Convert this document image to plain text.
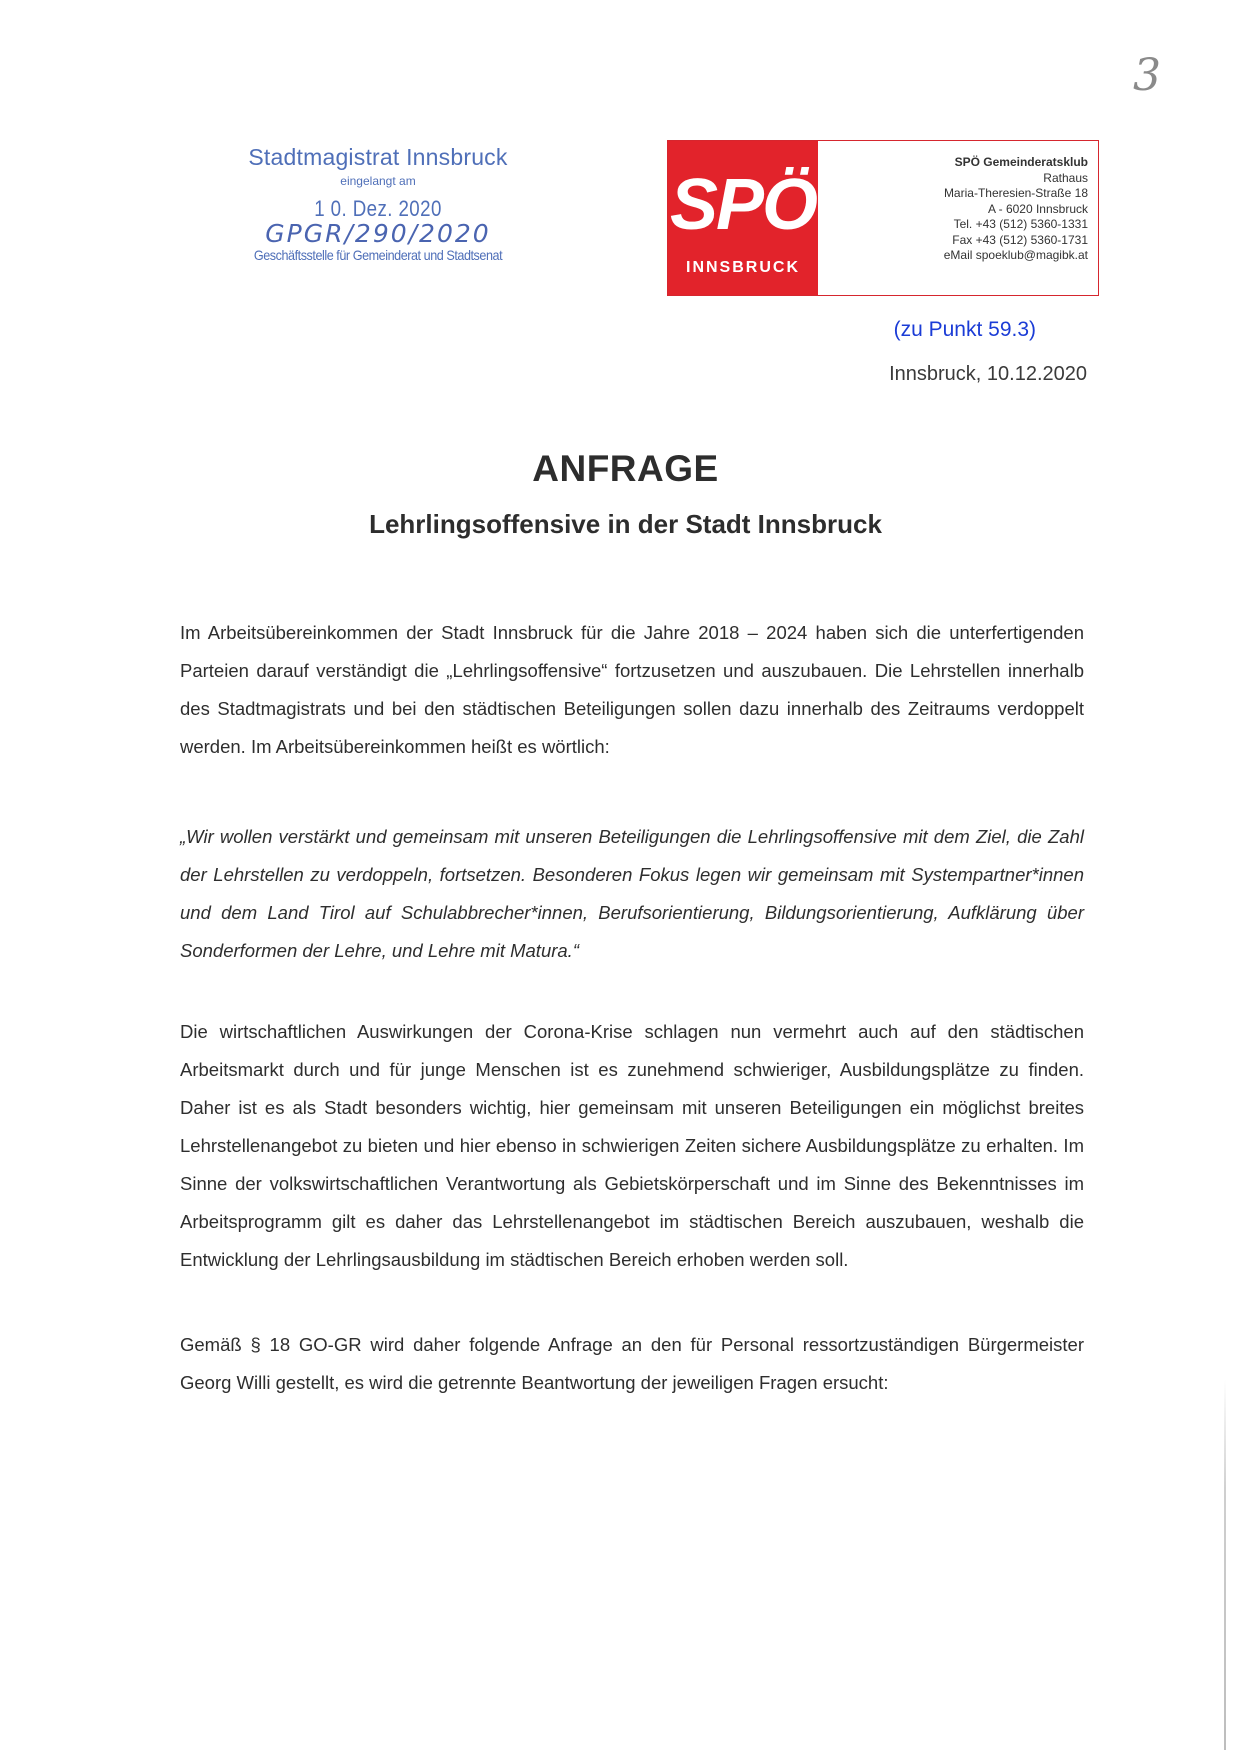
3
Stadtmagistrat Innsbruck
eingelangt am
1 0. Dez. 2020
GPGR/290/2020
Geschäftsstelle für Gemeinderat und Stadtsenat
SPÖ
INNSBRUCK
SPÖ Gemeinderatsklub
Rathaus
Maria-Theresien-Straße 18
A - 6020 Innsbruck
Tel. +43 (512) 5360-1331
Fax +43 (512) 5360-1731
eMail spoeklub@magibk.at
(zu Punkt 59.3)
Innsbruck, 10.12.2020
ANFRAGE
Lehrlingsoffensive in der Stadt Innsbruck

Im Arbeitsübereinkommen der Stadt Innsbruck für die Jahre 2018 – 2024 haben sich die unterfertigenden Parteien darauf verständigt die „Lehrlingsoffensive“ fortzusetzen und auszubauen. Die Lehrstellen innerhalb des Stadtmagistrats und bei den städtischen Beteiligungen sollen dazu innerhalb des Zeitraums verdoppelt werden. Im Arbeitsübereinkommen heißt es wörtlich:

„Wir wollen verstärkt und gemeinsam mit unseren Beteiligungen die Lehrlingsoffensive mit dem Ziel, die Zahl der Lehrstellen zu verdoppeln, fortsetzen. Besonderen Fokus legen wir gemeinsam mit Systempartner*innen und dem Land Tirol auf Schulabbrecher*innen, Berufsorientierung, Bildungsorientierung, Aufklärung über Sonderformen der Lehre, und Lehre mit Matura.“

Die wirtschaftlichen Auswirkungen der Corona-Krise schlagen nun vermehrt auch auf den städtischen Arbeitsmarkt durch und für junge Menschen ist es zunehmend schwieriger, Ausbildungsplätze zu finden. Daher ist es als Stadt besonders wichtig, hier gemeinsam mit unseren Beteiligungen ein möglichst breites Lehrstellenangebot zu bieten und hier ebenso in schwierigen Zeiten sichere Ausbildungsplätze zu erhalten. Im Sinne der volkswirtschaftlichen Verantwortung als Gebietskörperschaft und im Sinne des Bekenntnisses im Arbeitsprogramm gilt es daher das Lehrstellenangebot im städtischen Bereich auszubauen, weshalb die Entwicklung der Lehrlingsausbildung im städtischen Bereich erhoben werden soll.

Gemäß § 18 GO-GR wird daher folgende Anfrage an den für Personal ressortzuständigen Bürgermeister Georg Willi gestellt, es wird die getrennte Beantwortung der jeweiligen Fragen ersucht:
